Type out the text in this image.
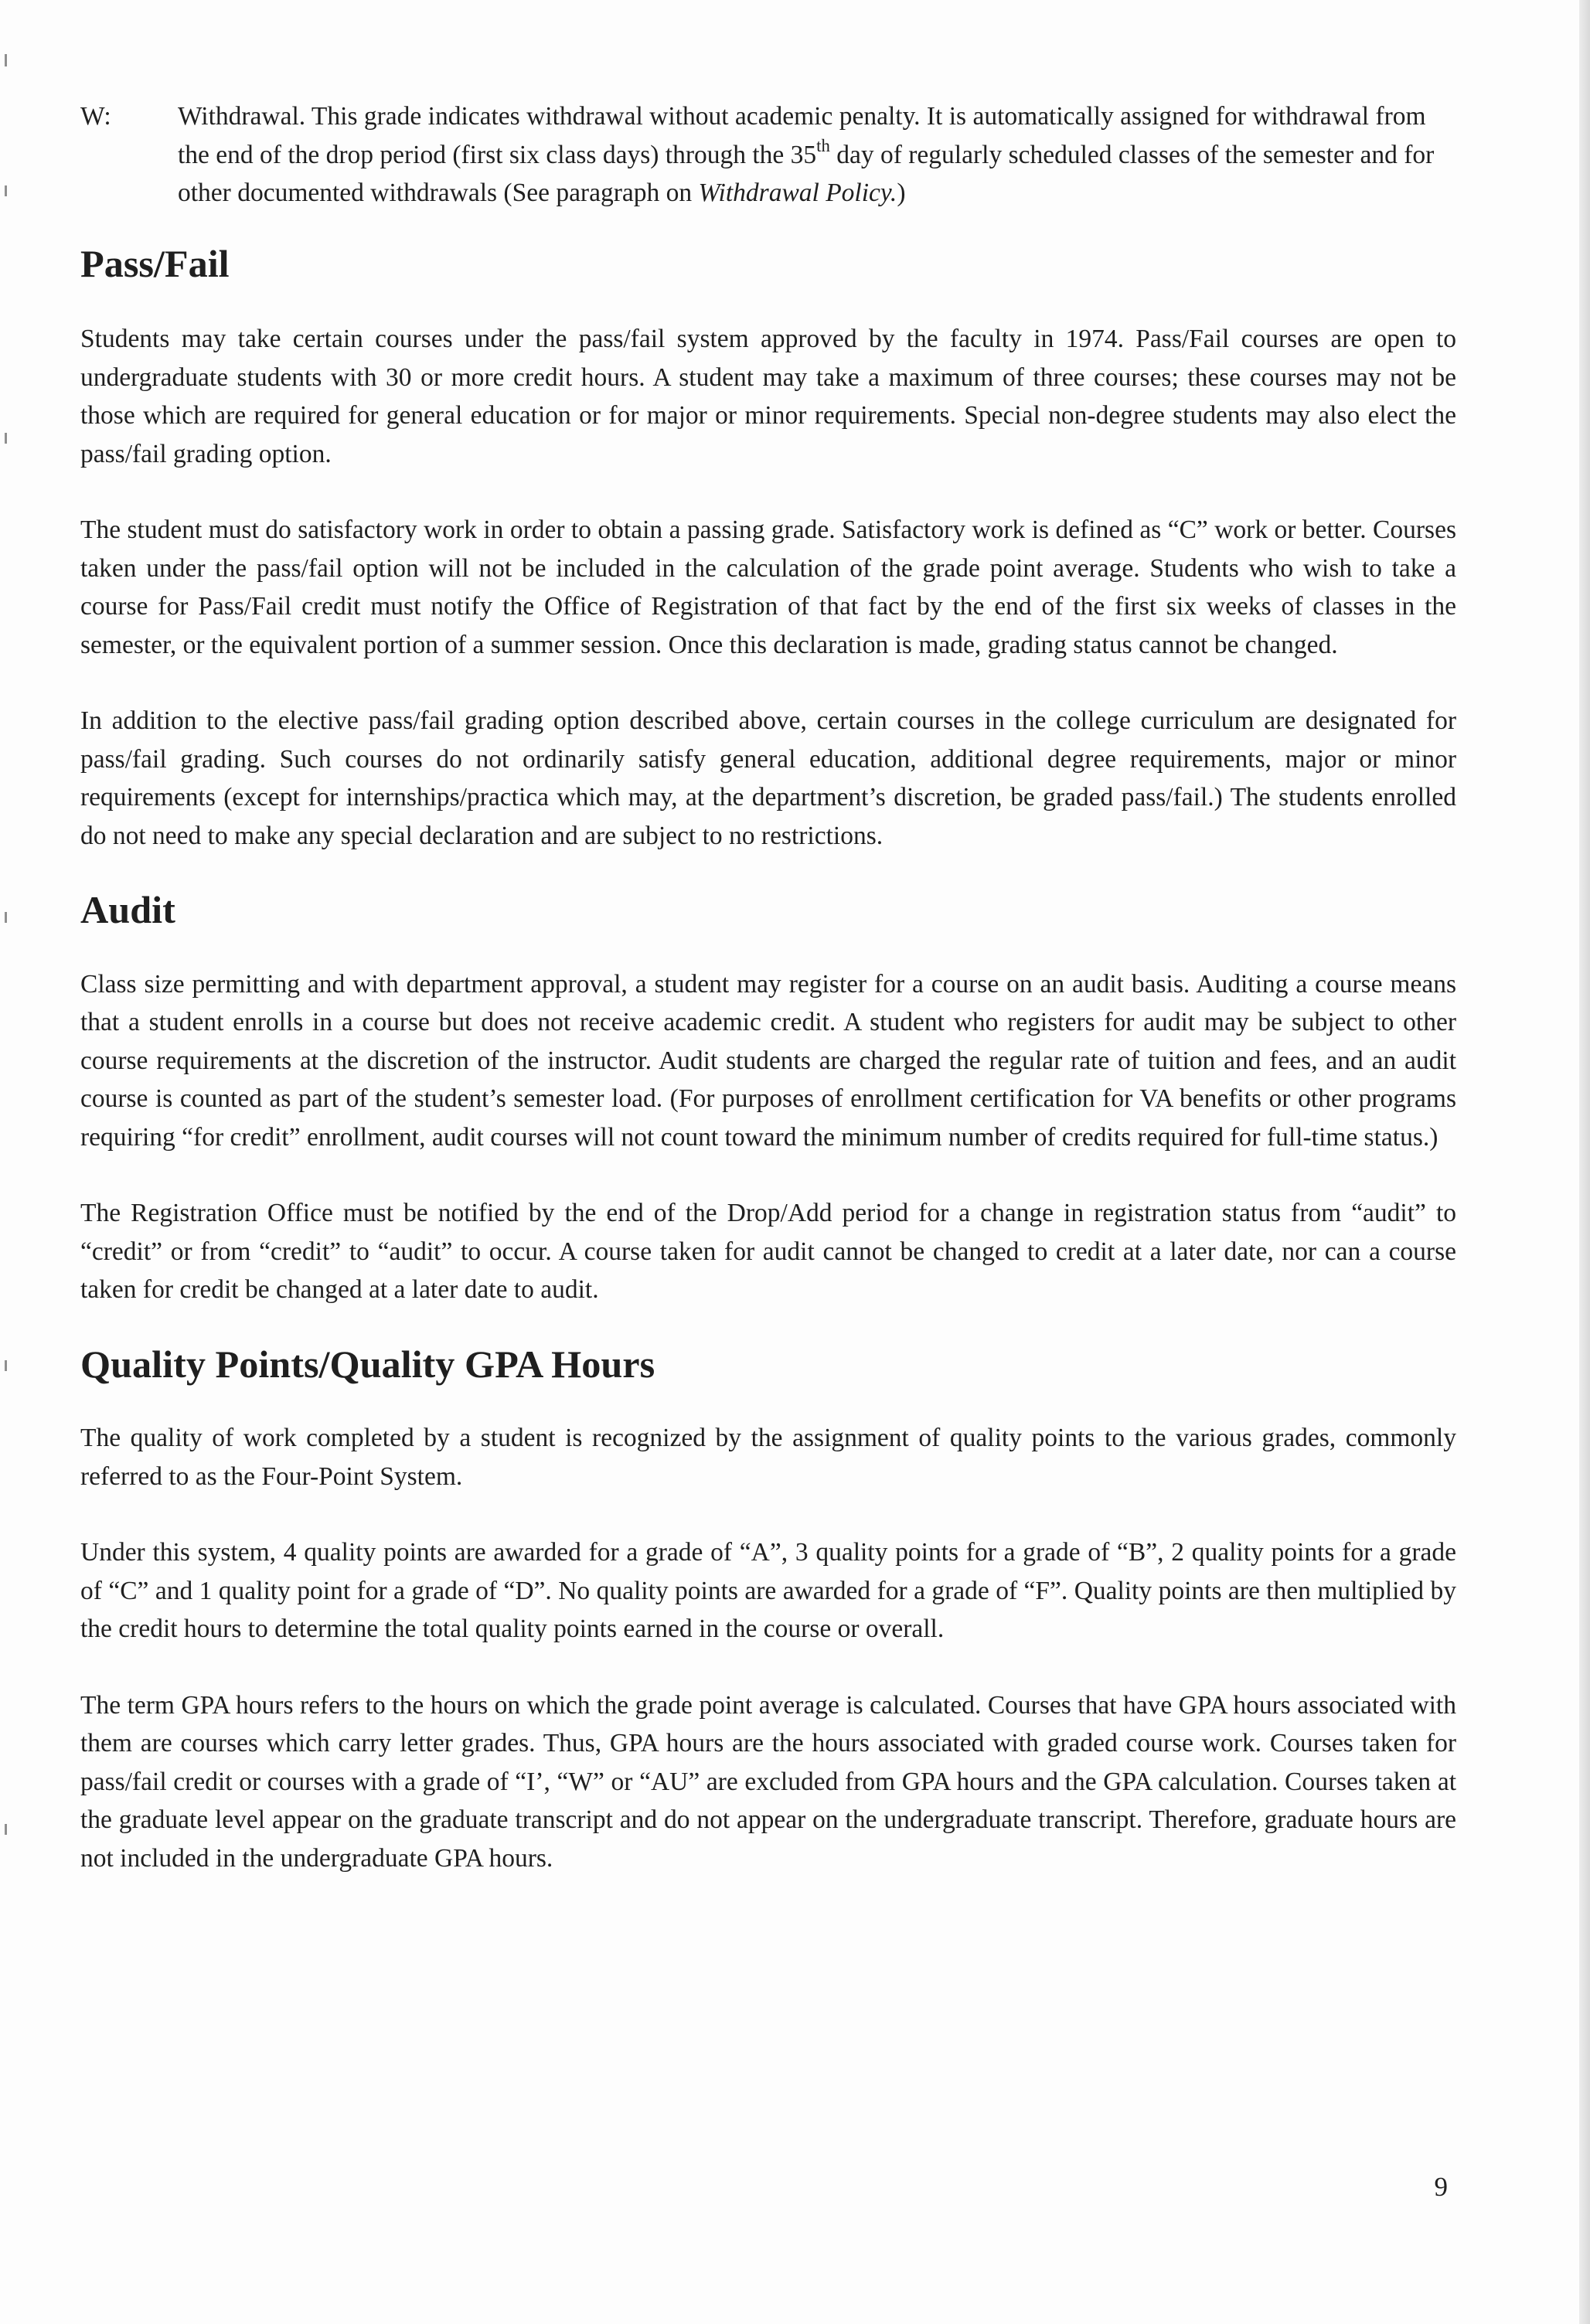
W:	Withdrawal. This grade indicates withdrawal without academic penalty. It is automatically assigned for withdrawal from the end of the drop period (first six class days) through the 35th day of regularly scheduled classes of the semester and for other documented withdrawals (See paragraph on Withdrawal Policy.)
Pass/Fail

Students may take certain courses under the pass/fail system approved by the faculty in 1974. Pass/Fail courses are open to undergraduate students with 30 or more credit hours. A student may take a maximum of three courses; these courses may not be those which are required for general education or for major or minor requirements. Special non-degree students may also elect the pass/fail grading option.

The student must do satisfactory work in order to obtain a passing grade. Satisfactory work is defined as “C” work or better. Courses taken under the pass/fail option will not be included in the calculation of the grade point average. Students who wish to take a course for Pass/Fail credit must notify the Office of Registration of that fact by the end of the first six weeks of classes in the semester, or the equivalent portion of a summer session. Once this declaration is made, grading status cannot be changed.

In addition to the elective pass/fail grading option described above, certain courses in the college curriculum are designated for pass/fail grading. Such courses do not ordinarily satisfy general education, additional degree requirements, major or minor requirements (except for internships/practica which may, at the department’s discretion, be graded pass/fail.) The students enrolled do not need to make any special declaration and are subject to no restrictions.

Audit

Class size permitting and with department approval, a student may register for a course on an audit basis. Auditing a course means that a student enrolls in a course but does not receive academic credit. A student who registers for audit may be subject to other course requirements at the discretion of the instructor. Audit students are charged the regular rate of tuition and fees, and an audit course is counted as part of the student’s semester load. (For purposes of enrollment certification for VA benefits or other programs requiring “for credit” enrollment, audit courses will not count toward the minimum number of credits required for full-time status.)

The Registration Office must be notified by the end of the Drop/Add period for a change in registration status from “audit” to “credit” or from “credit” to “audit” to occur. A course taken for audit cannot be changed to credit at a later date, nor can a course taken for credit be changed at a later date to audit.

Quality Points/Quality GPA Hours

The quality of work completed by a student is recognized by the assignment of quality points to the various grades, commonly referred to as the Four-Point System.

Under this system, 4 quality points are awarded for a grade of “A”, 3 quality points for a grade of “B”, 2 quality points for a grade of “C” and 1 quality point for a grade of “D”. No quality points are awarded for a grade of “F”. Quality points are then multiplied by the credit hours to determine the total quality points earned in the course or overall.

The term GPA hours refers to the hours on which the grade point average is calculated. Courses that have GPA hours associated with them are courses which carry letter grades. Thus, GPA hours are the hours associated with graded course work. Courses taken for pass/fail credit or courses with a grade of “I’, “W” or “AU” are excluded from GPA hours and the GPA calculation. Courses taken at the graduate level appear on the graduate transcript and do not appear on the undergraduate transcript. Therefore, graduate hours are not included in the undergraduate GPA hours.

9
